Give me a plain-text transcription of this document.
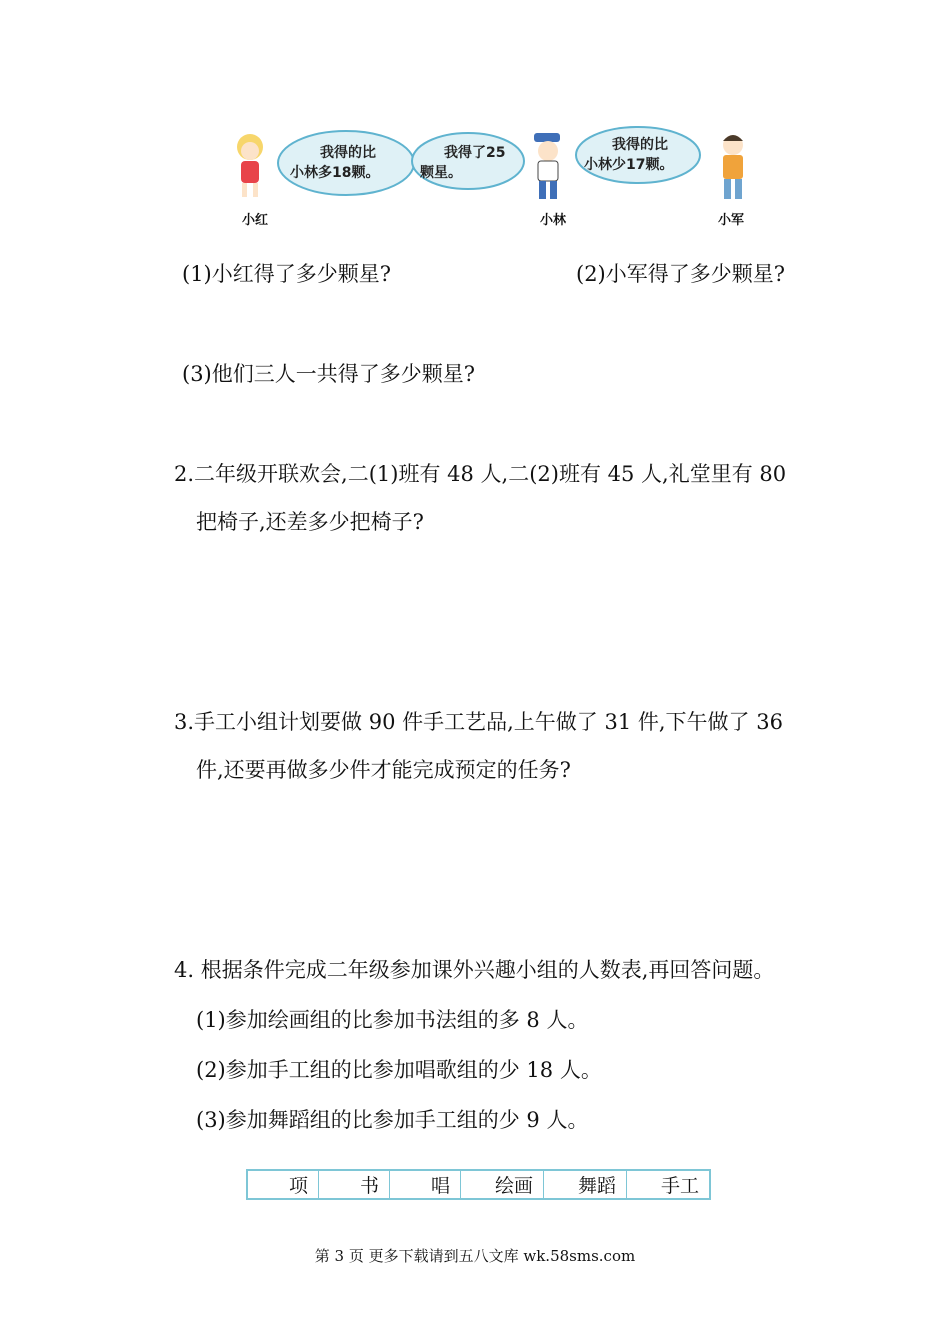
我得的比
小林多18颗。
我得了25
颗星。
我得的比
小林少17颗。
小红	小林	小军
(1)小红得了多少颗星?	(2)小军得了多少颗星?
(3)他们三人一共得了多少颗星?
2.二年级开联欢会,二(1)班有 48 人,二(2)班有 45 人,礼堂里有 80
把椅子,还差多少把椅子?
3.手工小组计划要做 90 件手工艺品,上午做了 31 件,下午做了 36
件,还要再做多少件才能完成预定的任务?
4. 根据条件完成二年级参加课外兴趣小组的人数表,再回答问题。
(1)参加绘画组的比参加书法组的多 8 人。
(2)参加手工组的比参加唱歌组的少 18 人。
(3)参加舞蹈组的比参加手工组的少 9 人。
项	书	唱	绘画	舞蹈	手工
第 3 页 更多下载请到五八文库 wk.58sms.com
